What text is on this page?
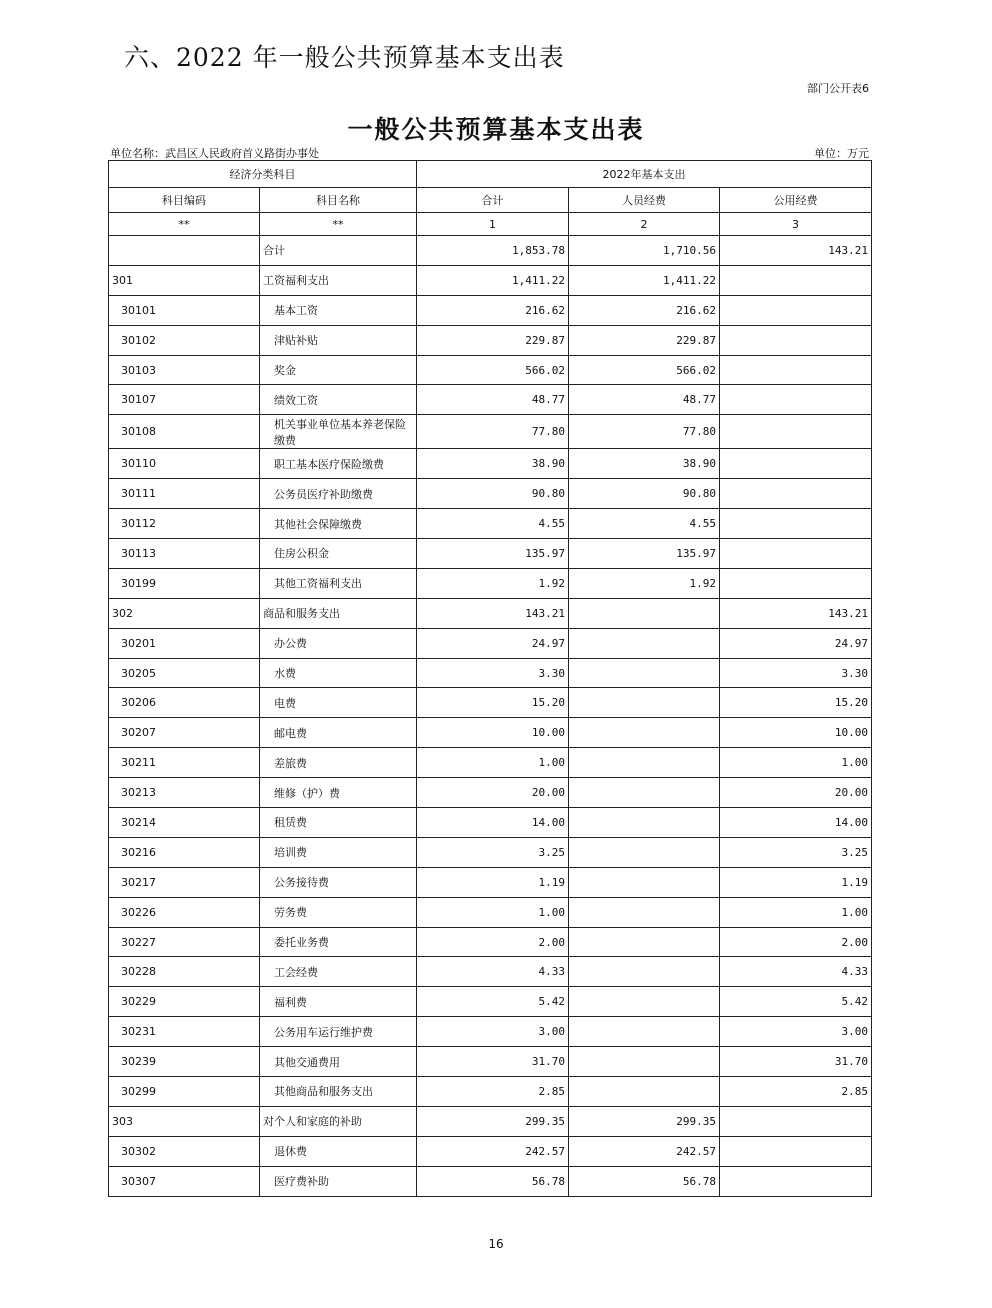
六、2022 年一般公共预算基本支出表
部门公开表6
一般公共预算基本支出表
单位名称：武昌区人民政府首义路街办事处	单位：万元
经济分类科目		2022年基本支出		
科目编码	科目名称	合计	人员经费	公用经费
**	**	1	2	3
	合计	1,853.78	1,710.56	143.21
301	工资福利支出	1,411.22	1,411.22	
30101	基本工资	216.62	216.62	
30102	津贴补贴	229.87	229.87	
30103	奖金	566.02	566.02	
30107	绩效工资	48.77	48.77	
30108	机关事业单位基本养老保险缴费	77.80	77.80	
30110	职工基本医疗保险缴费	38.90	38.90	
30111	公务员医疗补助缴费	90.80	90.80	
30112	其他社会保障缴费	4.55	4.55	
30113	住房公积金	135.97	135.97	
30199	其他工资福利支出	1.92	1.92	
302	商品和服务支出	143.21		143.21
30201	办公费	24.97		24.97
30205	水费	3.30		3.30
30206	电费	15.20		15.20
30207	邮电费	10.00		10.00
30211	差旅费	1.00		1.00
30213	维修（护）费	20.00		20.00
30214	租赁费	14.00		14.00
30216	培训费	3.25		3.25
30217	公务接待费	1.19		1.19
30226	劳务费	1.00		1.00
30227	委托业务费	2.00		2.00
30228	工会经费	4.33		4.33
30229	福利费	5.42		5.42
30231	公务用车运行维护费	3.00		3.00
30239	其他交通费用	31.70		31.70
30299	其他商品和服务支出	2.85		2.85
303	对个人和家庭的补助	299.35	299.35	
30302	退休费	242.57	242.57	
30307	医疗费补助	56.78	56.78	
16
